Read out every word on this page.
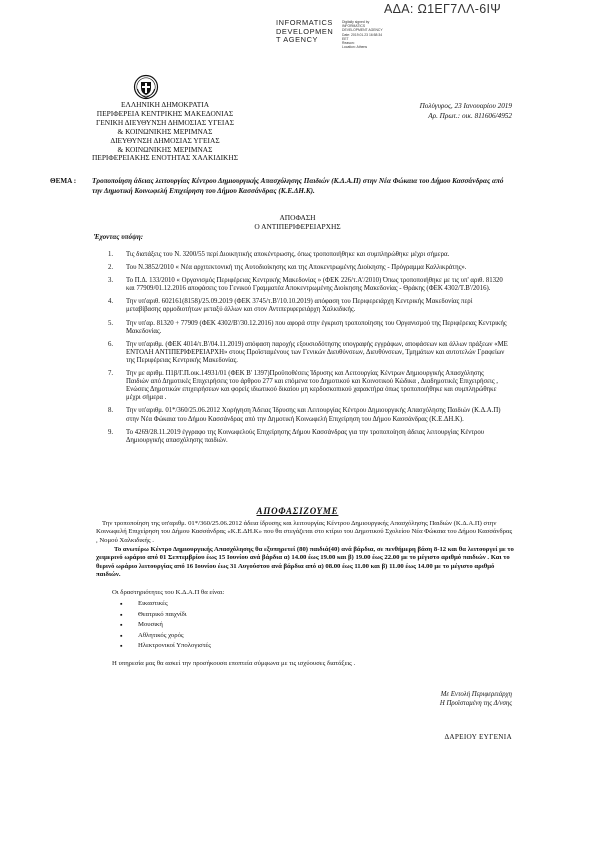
ΑΔΑ: Ω1ΕΓ7ΛΛ-6ΙΨ
INFORMATICS
DEVELOPMEN
T AGENCY
Digitally signed by
INFORMATICS
DEVELOPMENT AGENCY
Date: 2019.01.23 16:58:34
EET
Reason:
Location: Athens
ΕΛΛΗΝΙΚΗ ΔΗΜΟΚΡΑΤΙΑ
ΠΕΡΙΦΕΡΕΙΑ ΚΕΝΤΡΙΚΗΣ ΜΑΚΕΔΟΝΙΑΣ
ΓΕΝΙΚΗ ΔΙΕΥΘΥΝΣΗ ΔΗΜΟΣΙΑΣ ΥΓΕΙΑΣ
& ΚΟΙΝΩΝΙΚΗΣ ΜΕΡΙΜΝΑΣ
ΔΙΕΥΘΥΝΣΗ ΔΗΜΟΣΙΑΣ ΥΓΕΙΑΣ
& ΚΟΙΝΩΝΙΚΗΣ ΜΕΡΙΜΝΑΣ
ΠΕΡΙΦΕΡΕΙΑΚΗΣ ΕΝΟΤΗΤΑΣ ΧΑΛΚΙΔΙΚΗΣ
Πολύγυρος, 23 Ιανουαρίου 2019
Αρ. Πρωτ.: οικ. 811606/4952
ΘΕΜΑ : Τροποποίηση άδειας λειτουργίας Κέντρου Δημιουργικής Απασχόλησης Παιδιών (Κ.Δ.Α.Π) στην Νέα Φώκαια του Δήμου Κασσάνδρας από την Δημοτική Κοινωφελή Επιχείρηση του Δήμου Κασσάνδρας (Κ.Ε.ΔΗ.Κ).
ΑΠΟΦΑΣΗ
Ο ΑΝΤΙΠΕΡΙΦΕΡΕΙΑΡΧΗΣ
Έχοντας υπόψη:
1. Τις διατάξεις του Ν. 3200/55 περί Διοικητικής αποκέντρωσης, όπως τροποποιήθηκε και συμπληρώθηκε μέχρι σήμερα.
2. Του Ν.3852/2010 « Νέα αρχιτεκτονική της Αυτοδιοίκησης και της Αποκεντρωμένης Διοίκησης - Πρόγραμμα Καλλικράτης».
3. Το Π.Δ. 133/2010 « Οργανισμός Περιφέρειας Κεντρικής Μακεδονίας » (ΦΕΚ 226/τ.Α'/2010) Όπως τροποποιήθηκε με τις υπ' αριθ. 81320 και 77909/01.12.2016 αποφάσεις του Γενικού Γραμματέα Αποκεντρωμένης Διοίκησης Μακεδονίας - Θράκης (ΦΕΚ 4302/Τ.Β'/2016).
4. Την υπ'αριθ. 602161(8158)/25.09.2019 (ΦΕΚ 3745/τ.Β'/10.10.2019) απόφαση του Περιφερειάρχη Κεντρικής Μακεδονίας περί μεταβίβασης αρμοδιοτήτων μεταξύ άλλων και στον Αντιπεριφερειάρχη Χαλκιδικής.
5. Την υπ'αρ. 81320 + 77909 (ΦΕΚ 4302/Β'/30.12.2016) που αφορά στην έγκριση τροποποίησης του Οργανισμού της Περιφέρειας Κεντρικής Μακεδονίας.
6. Την υπ'αριθμ. (ΦΕΚ 4014/τ.Β'/04.11.2019) απόφαση παροχής εξουσιοδότησης υπογραφής εγγράφων, αποφάσεων και άλλων πράξεων «ΜΕ ΕΝΤΟΛΗ ΑΝΤΙΠΕΡΙΦΕΡΕΙΑΡΧΗ» στους Προϊσταμένους των Γενικών Διευθύνσεων, Διευθύνσεων, Τμημάτων και αυτοτελών Γραφείων της Περιφέρειας Κεντρικής Μακεδονίας.
7. Την με αριθμ. Π1β/Γ.Π.οικ.14931/01 (ΦΕΚ Β' 1397)Προϋποθέσεις Ίδρυσης και Λειτουργίας Κέντρων Δημιουργικής Απασχόλησης Παιδιών από Δημοτικές Επιχειρήσεις του άρθρου 277 και επόμενα του Δημοτικού και Κοινοτικού Κώδικα , Διαδημοτικές Επιχειρήσεις , Ενώσεις Δημοτικών επιχειρήσεων και φορείς ιδιωτικού δικαίου μη κερδοσκοπικού χαρακτήρα όπως τροποποιήθηκε και συμπληρώθηκε μέχρι σήμερα .
8. Την υπ'αριθμ. 01*/360/25.06.2012 Χορήγηση Άδειας Ίδρυσης και Λειτουργίας Κέντρου Δημιουργικής Απασχόλησης Παιδιών (Κ.Δ.Α.Π) στην Νέα Φώκαια του Δήμου Κασσάνδρας από την Δημοτική Κοινωφελή Επιχείρηση του Δήμου Κασσάνδρας (Κ.Ε.ΔΗ.Κ).
9. Το 4269/28.11.2019 έγγραφο της Κοινωφελούς Επιχείρησης Δήμου Κασσάνδρας για την τροποποίηση άδειας λειτουργίας Κέντρου Δημιουργικής απασχόλησης παιδιών.
ΑΠΟΦΑΣΙΖΟΥΜΕ
Την τροποποίηση της υπ'αριθμ. 01*/360/25.06.2012 άδεια ίδρυσης και λειτουργίας Κέντρου Δημιουργικής Απασχόλησης Παιδιών (Κ.Δ.Α.Π) στην Κοινωφελή Επιχείρηση του Δήμου Κασσάνδρας «Κ.Ε.ΔΗ.Κ» που θα στεγάζεται στο κτίριο του Δημοτικού Σχολείου Νέα Φώκαια του Δήμου Κασσάνδρας , Νομού Χαλκιδικής .
Το ανωτέρω Κέντρο Δημιουργικής Απασχόλησης θα εξυπηρετεί (80) παιδιά(40) ανά βάρδια, σε πενθήμερη βάση 8-12 και θα λειτουργεί με το χειμερινό ωράριο από 01 Σεπτεμβρίου έως 15 Ιουνίου ανά βάρδια α) 14.00 έως 19.00 και β) 19.00 έως 22.00 με το μέγιστο αριθμό παιδιών . Και το θερινό ωράριο λειτουργίας από 16 Ιουνίου έως 31 Αυγούστου ανά βάρδια από α) 08.00 έως 11.00 και β) 11.00 έως 14.00 με το μέγιστο αριθμό παιδιών.
Οι δραστηριότητες του Κ.Δ.Α.Π θα είναι:
▪ Εικαστικές
▪ Θεατρικό παιχνίδι
▪ Μουσική
▪ Αθλητικός χορός
▪ Ηλεκτρονικοί Υπολογιστές
Η υπηρεσία μας θα ασκεί την προσήκουσα εποπτεία σύμφωνα με τις ισχύουσες διατάξεις .
Με Εντολή Περιφερειάρχη
Η Προϊσταμένη της Δ/νσης
ΔΑΡΕΙΟΥ ΕΥΓΕΝΙΑ
